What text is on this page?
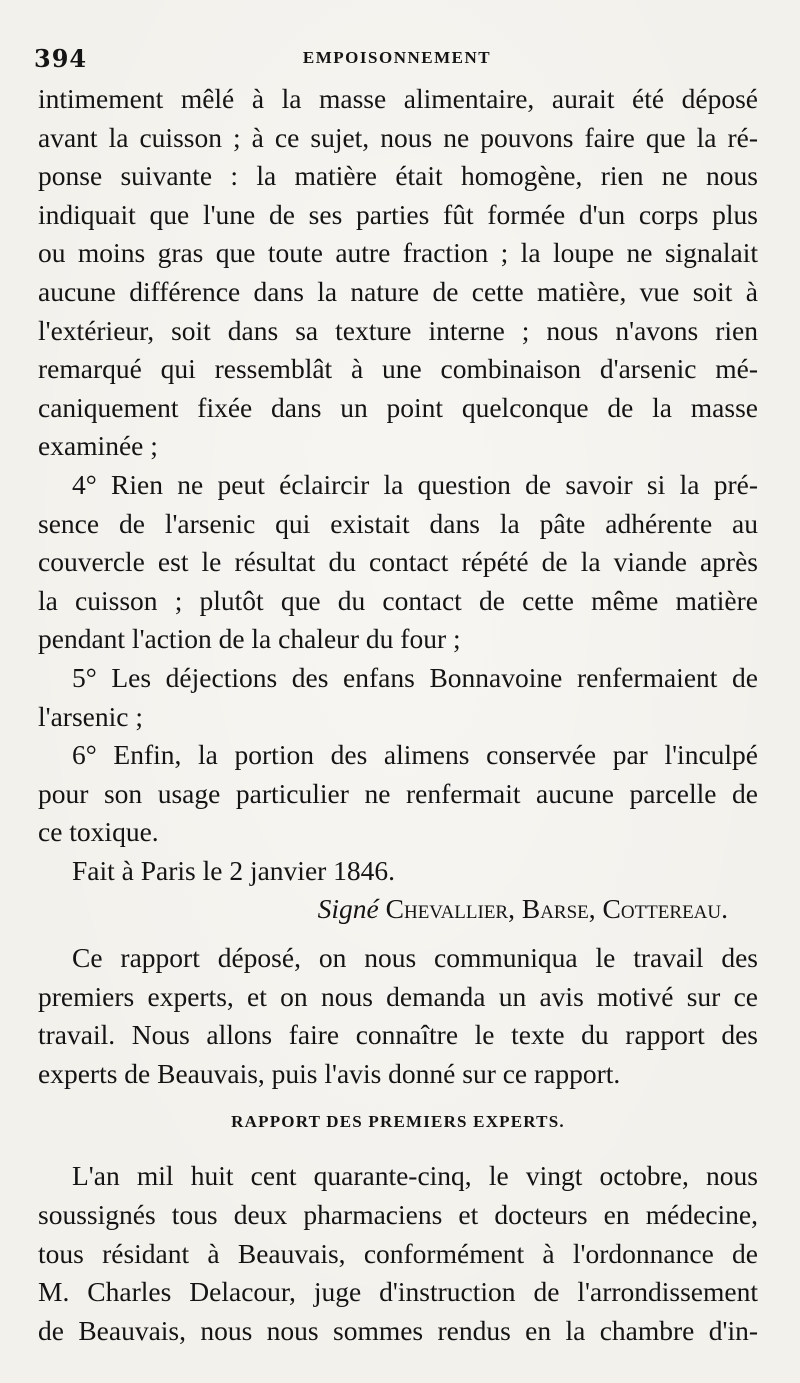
394	EMPOISONNEMENT
intimement mêlé à la masse alimentaire, aurait été déposé
avant la cuisson ; à ce sujet, nous ne pouvons faire que la ré-
ponse suivante : la matière était homogène, rien ne nous
indiquait que l'une de ses parties fût formée d'un corps plus
ou moins gras que toute autre fraction ; la loupe ne signalait
aucune différence dans la nature de cette matière, vue soit à
l'extérieur, soit dans sa texture interne ; nous n'avons rien
remarqué qui ressemblât à une combinaison d'arsenic mé-
caniquement fixée dans un point quelconque de la masse
examinée ;
4° Rien ne peut éclaircir la question de savoir si la pré-
sence de l'arsenic qui existait dans la pâte adhérente au
couvercle est le résultat du contact répété de la viande après
la cuisson ; plutôt que du contact de cette même matière
pendant l'action de la chaleur du four ;
5° Les déjections des enfans Bonnavoine renfermaient de
l'arsenic ;
6° Enfin, la portion des alimens conservée par l'inculpé
pour son usage particulier ne renfermait aucune parcelle de
ce toxique.
Fait à Paris le 2 janvier 1846.
Signé Chevallier, Barse, Cottereau.
Ce rapport déposé, on nous communiqua le travail des
premiers experts, et on nous demanda un avis motivé sur ce
travail. Nous allons faire connaître le texte du rapport des
experts de Beauvais, puis l'avis donné sur ce rapport.
RAPPORT DES PREMIERS EXPERTS.
L'an mil huit cent quarante-cinq, le vingt octobre, nous
soussignés tous deux pharmaciens et docteurs en médecine,
tous résidant à Beauvais, conformément à l'ordonnance de
M. Charles Delacour, juge d'instruction de l'arrondissement
de Beauvais, nous nous sommes rendus en la chambre d'in-
